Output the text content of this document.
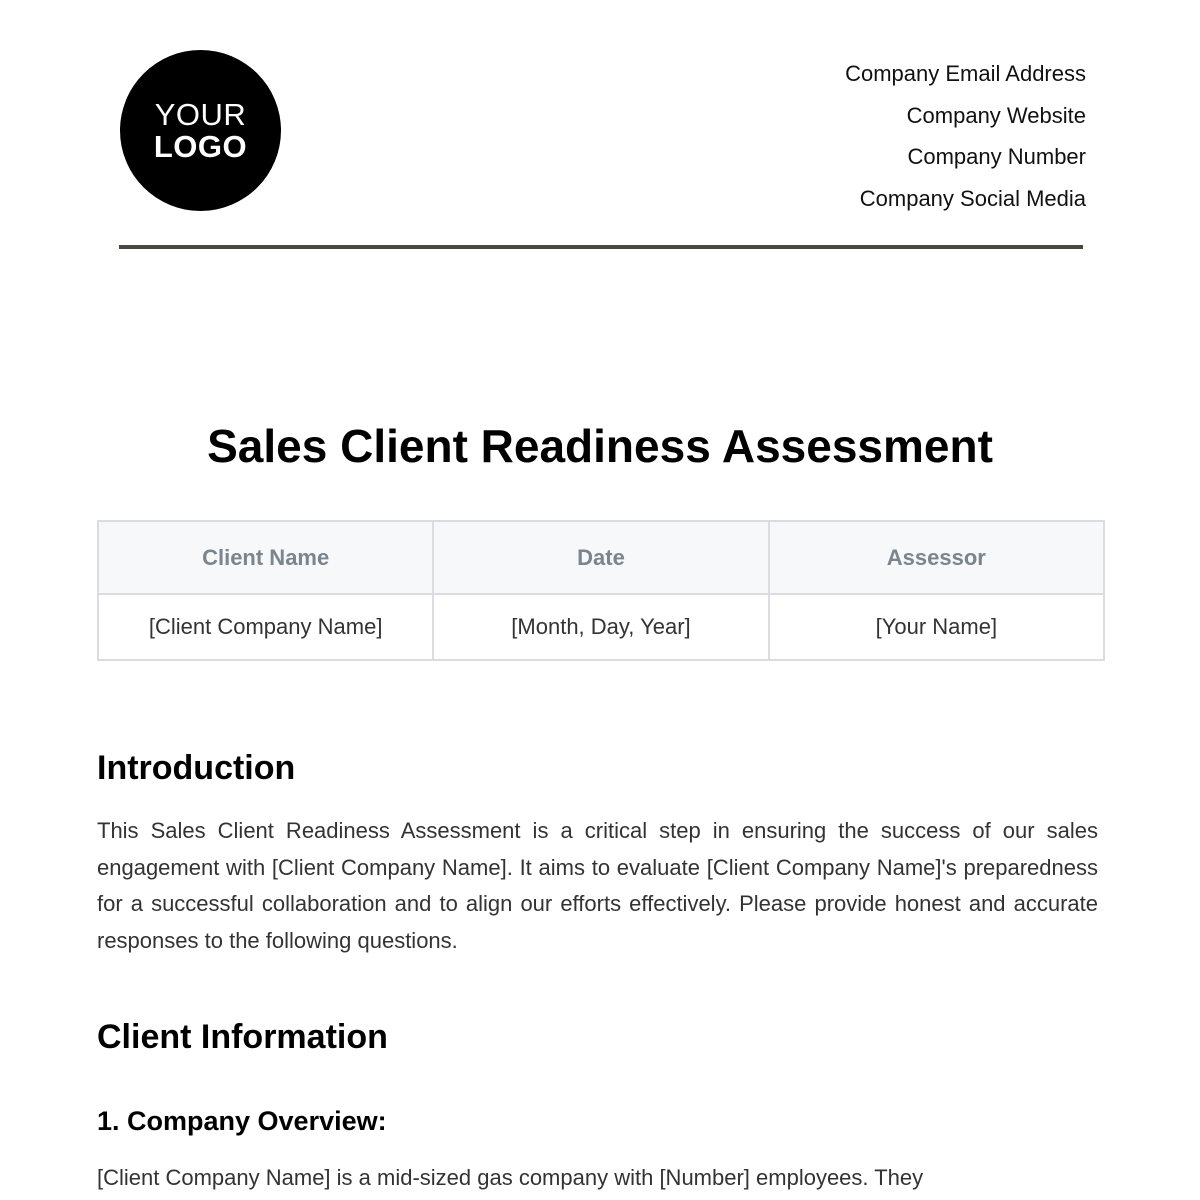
YOUR
LOGO
Company Email Address
Company Website
Company Number
Company Social Media
Sales Client Readiness Assessment
Client Name	Date	Assessor
[Client Company Name]	[Month, Day, Year]	[Your Name]
Introduction

This Sales Client Readiness Assessment is a critical step in ensuring the success of our sales engagement with [Client Company Name]. It aims to evaluate [Client Company Name]'s preparedness for a successful collaboration and to align our efforts effectively. Please provide honest and accurate responses to the following questions.

Client Information
1. Company Overview:

[Client Company Name] is a mid-sized gas company with [Number] employees. They
